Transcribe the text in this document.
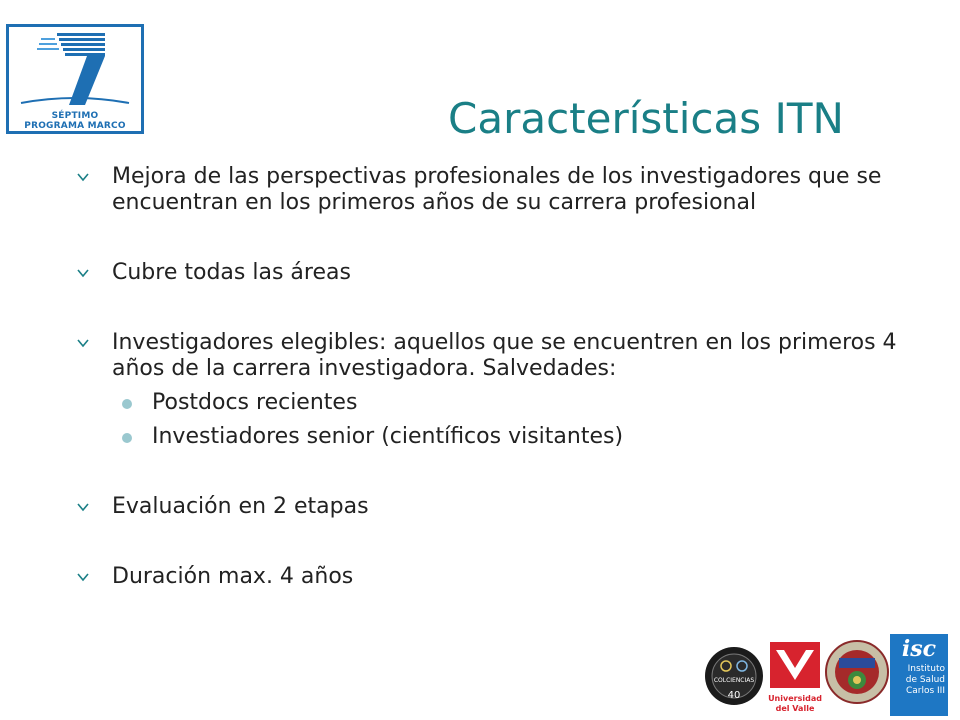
SÉPTIMO
PROGRAMA MARCO	Características ITN
Mejora de las perspectivas profesionales de los investigadores que se encuentran en los primeros años de su carrera profesional
Cubre todas las áreas
Investigadores elegibles: aquellos que se encuentren en los primeros 4 años de la carrera investigadora. Salvedades:
Postdocs recientes
Investiadores senior (científicos visitantes)
Evaluación en 2 etapas
Duración max. 4 años
COLCIENCIAS
40	Universidad
del Valle
isc
Instituto
de Salud
Carlos III
